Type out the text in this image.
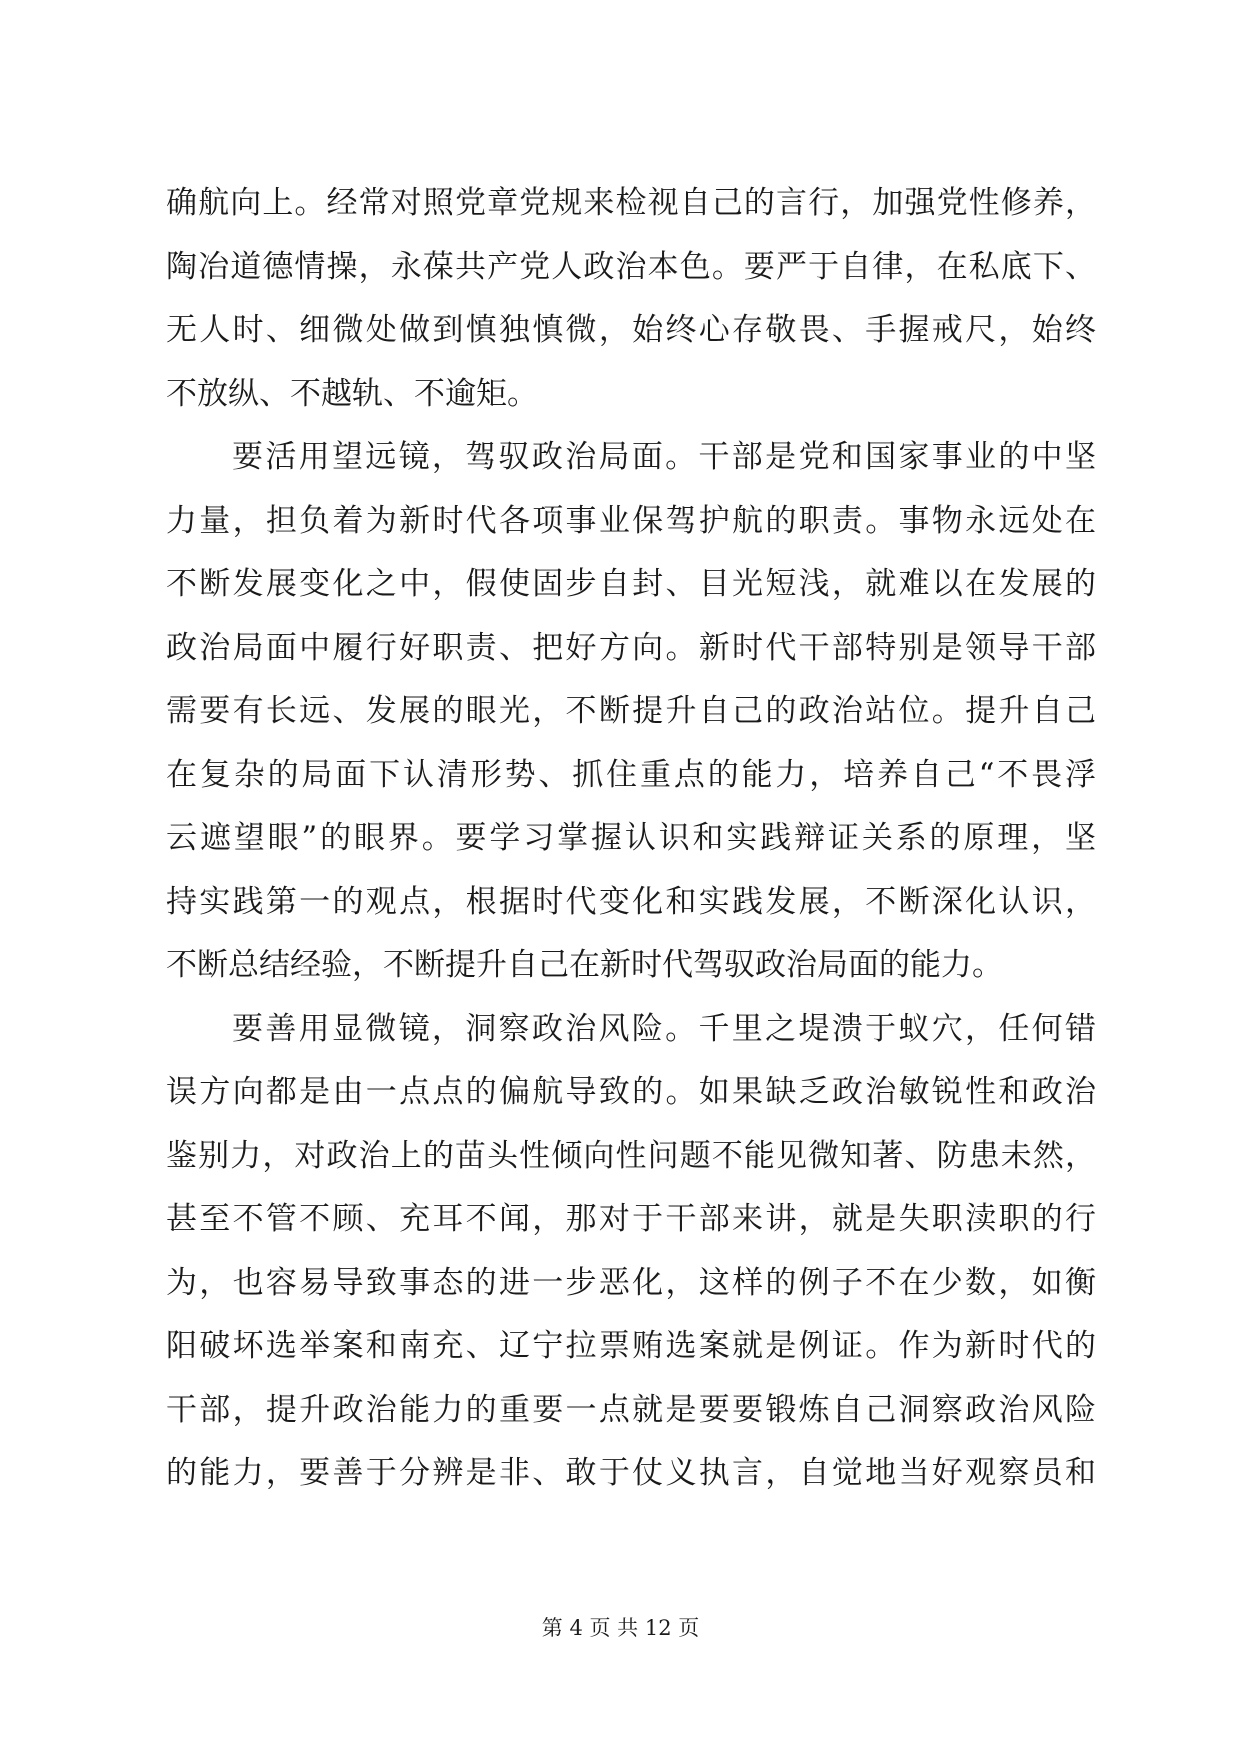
确航向上。经常对照党章党规来检视自己的言行，加强党性修养，
陶冶道德情操，永葆共产党人政治本色。要严于自律，在私底下、
无人时、细微处做到慎独慎微，始终心存敬畏、手握戒尺，始终
不放纵、不越轨、不逾矩。
要活用望远镜，驾驭政治局面。干部是党和国家事业的中坚
力量，担负着为新时代各项事业保驾护航的职责。事物永远处在
不断发展变化之中，假使固步自封、目光短浅，就难以在发展的
政治局面中履行好职责、把好方向。新时代干部特别是领导干部
需要有长远、发展的眼光，不断提升自己的政治站位。提升自己
在复杂的局面下认清形势、抓住重点的能力，培养自己“不畏浮
云遮望眼”的眼界。要学习掌握认识和实践辩证关系的原理，坚
持实践第一的观点，根据时代变化和实践发展，不断深化认识，
不断总结经验，不断提升自己在新时代驾驭政治局面的能力。
要善用显微镜，洞察政治风险。千里之堤溃于蚁穴，任何错
误方向都是由一点点的偏航导致的。如果缺乏政治敏锐性和政治
鉴别力，对政治上的苗头性倾向性问题不能见微知著、防患未然，
甚至不管不顾、充耳不闻，那对于干部来讲，就是失职渎职的行
为，也容易导致事态的进一步恶化，这样的例子不在少数，如衡
阳破坏选举案和南充、辽宁拉票贿选案就是例证。作为新时代的
干部，提升政治能力的重要一点就是要要锻炼自己洞察政治风险
的能力，要善于分辨是非、敢于仗义执言，自觉地当好观察员和
第 4 页 共 12 页
